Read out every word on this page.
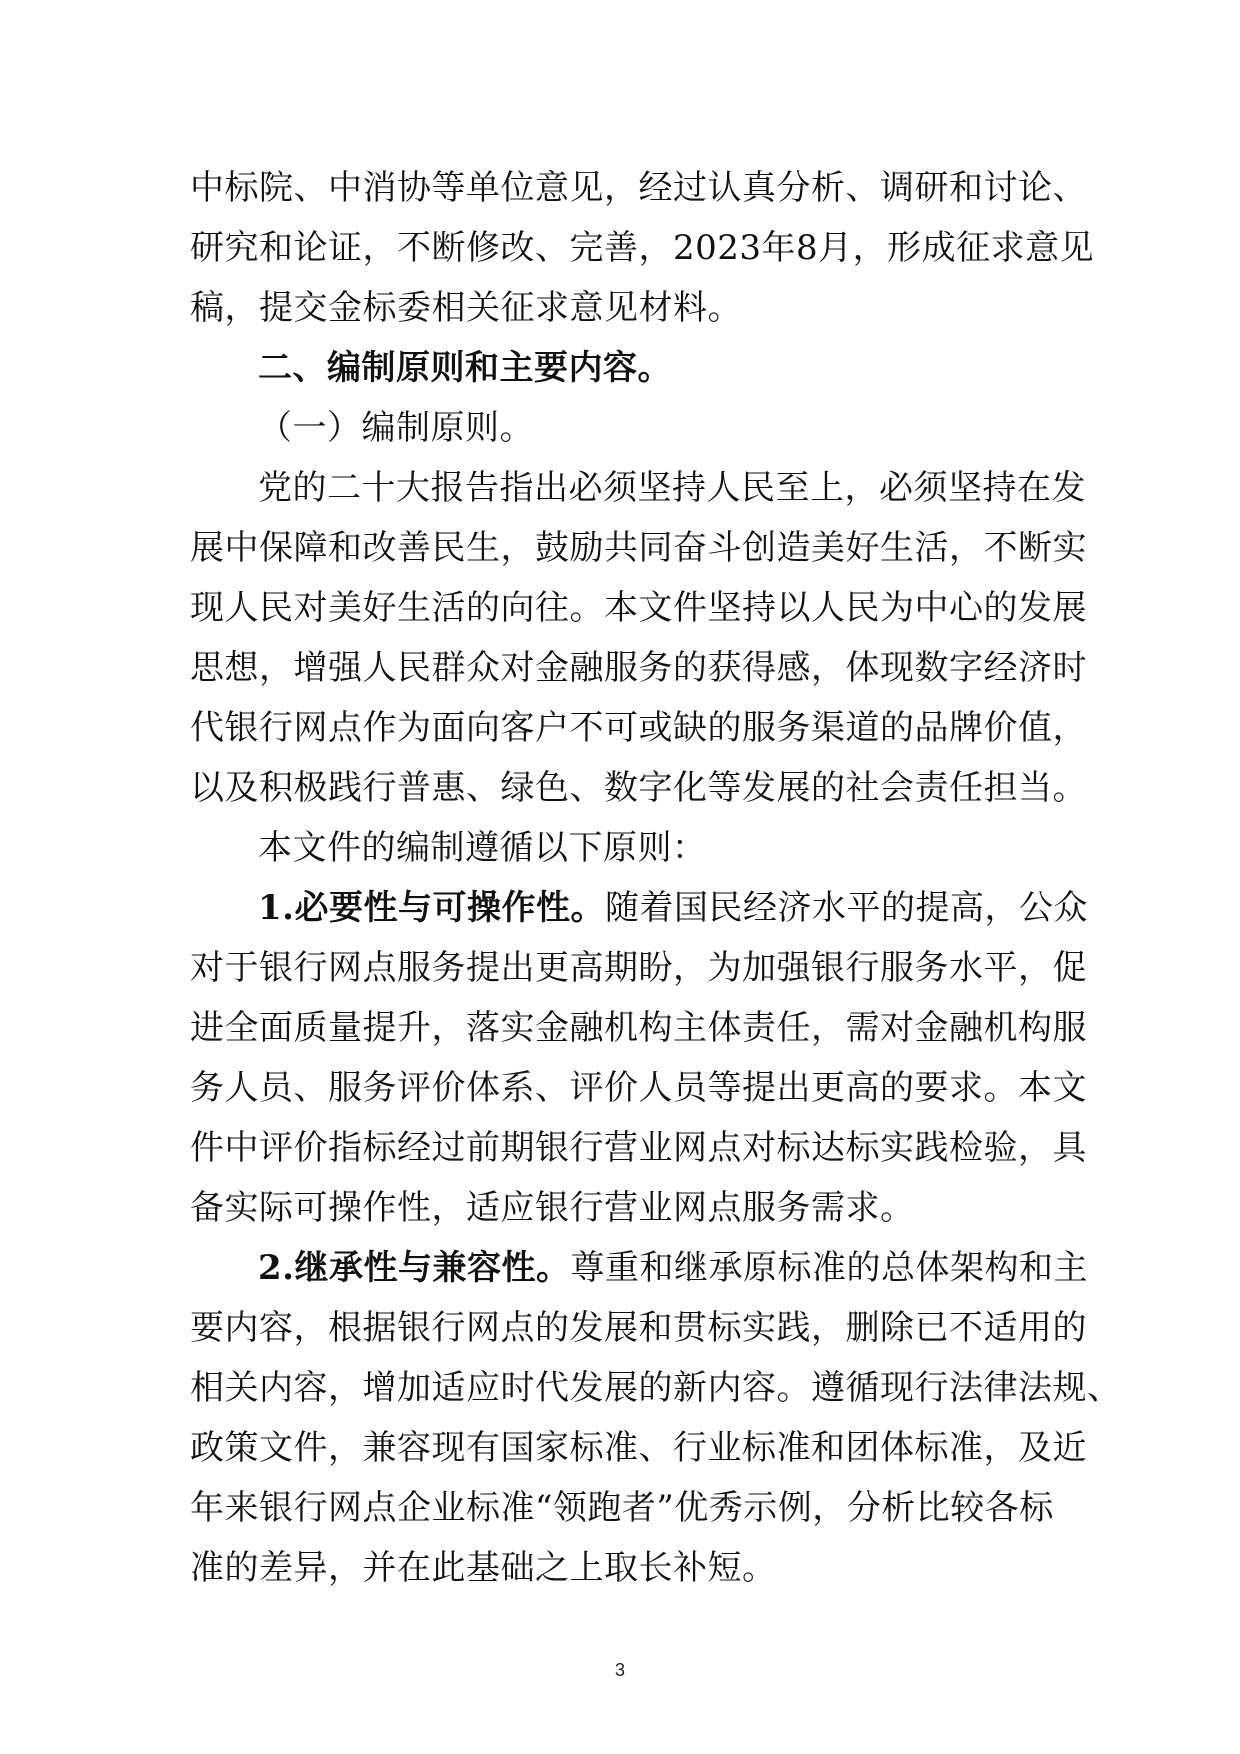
中标院、中消协等单位意见，经过认真分析、调研和讨论、
研究和论证，不断修改、完善，2023年8月，形成征求意见
稿，提交金标委相关征求意见材料。
二、编制原则和主要内容。
（一）编制原则。
党的二十大报告指出必须坚持人民至上，必须坚持在发
展中保障和改善民生，鼓励共同奋斗创造美好生活，不断实
现人民对美好生活的向往。本文件坚持以人民为中心的发展
思想，增强人民群众对金融服务的获得感，体现数字经济时
代银行网点作为面向客户不可或缺的服务渠道的品牌价值，
以及积极践行普惠、绿色、数字化等发展的社会责任担当。
本文件的编制遵循以下原则：
1.必要性与可操作性。随着国民经济水平的提高，公众
对于银行网点服务提出更高期盼，为加强银行服务水平，促
进全面质量提升，落实金融机构主体责任，需对金融机构服
务人员、服务评价体系、评价人员等提出更高的要求。本文
件中评价指标经过前期银行营业网点对标达标实践检验，具
备实际可操作性，适应银行营业网点服务需求。
2.继承性与兼容性。尊重和继承原标准的总体架构和主
要内容，根据银行网点的发展和贯标实践，删除已不适用的
相关内容，增加适应时代发展的新内容。遵循现行法律法规、
政策文件，兼容现有国家标准、行业标准和团体标准，及近
年来银行网点企业标准“领跑者”优秀示例，分析比较各标
准的差异，并在此基础之上取长补短。
3
